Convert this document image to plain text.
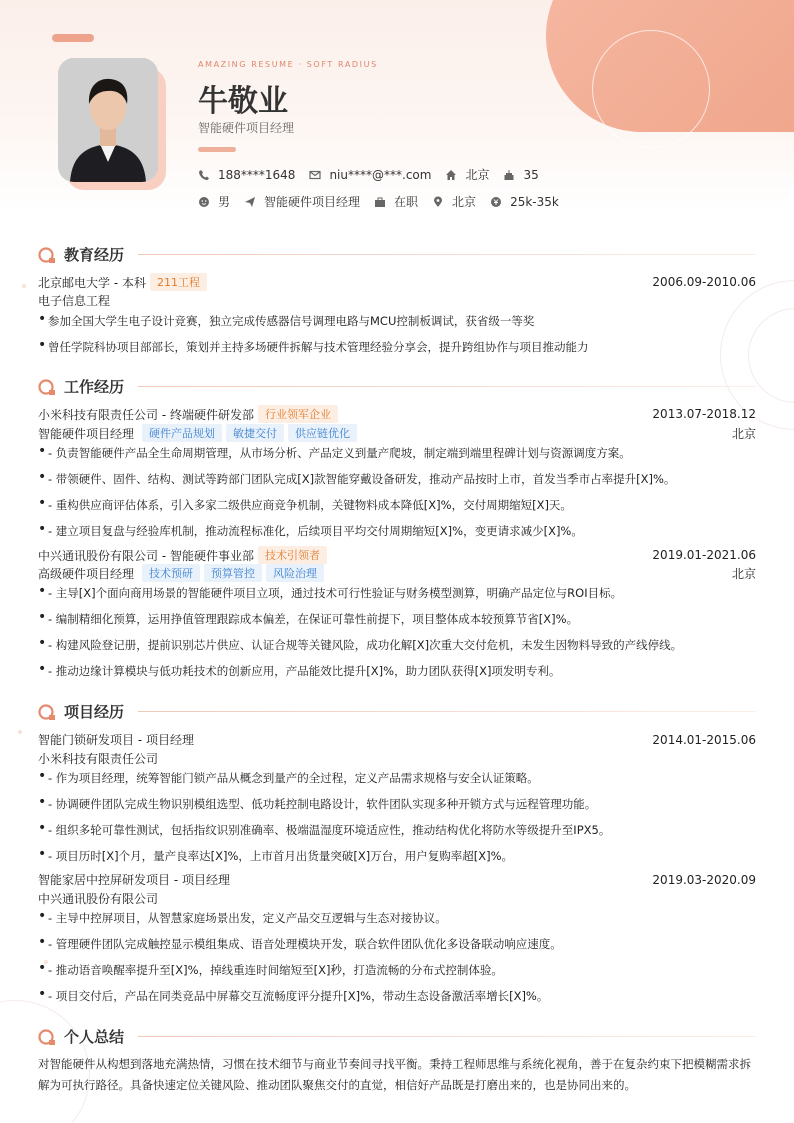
AMAZING RESUME · SOFT RADIUS
牛敬业
智能硬件项目经理
188****1648	niu****@***.com	北京	35
男	智能硬件项目经理	在职	北京	25k-35k
教育经历
北京邮电大学 - 本科	211工程	2006.09-2010.06
电子信息工程
• 参加全国大学生电子设计竞赛，独立完成传感器信号调理电路与MCU控制板调试，获省级一等奖
• 曾任学院科协项目部部长，策划并主持多场硬件拆解与技术管理经验分享会，提升跨组协作与项目推动能力
工作经历
小米科技有限责任公司 - 终端硬件研发部	行业领军企业	2013.07-2018.12
智能硬件项目经理	硬件产品规划	敏捷交付	供应链优化	北京
• - 负责智能硬件产品全生命周期管理，从市场分析、产品定义到量产爬坡，制定端到端里程碑计划与资源调度方案。
• - 带领硬件、固件、结构、测试等跨部门团队完成[X]款智能穿戴设备研发，推动产品按时上市，首发当季市占率提升[X]%。
• - 重构供应商评估体系，引入多家二级供应商竞争机制，关键物料成本降低[X]%，交付周期缩短[X]天。
• - 建立项目复盘与经验库机制，推动流程标准化，后续项目平均交付周期缩短[X]%，变更请求减少[X]%。
中兴通讯股份有限公司 - 智能硬件事业部	技术引领者	2019.01-2021.06
高级硬件项目经理	技术预研	预算管控	风险治理	北京
• - 主导[X]个面向商用场景的智能硬件项目立项，通过技术可行性验证与财务模型测算，明确产品定位与ROI目标。
• - 编制精细化预算，运用挣值管理跟踪成本偏差，在保证可靠性前提下，项目整体成本较预算节省[X]%。
• - 构建风险登记册，提前识别芯片供应、认证合规等关键风险，成功化解[X]次重大交付危机，未发生因物料导致的产线停线。
• - 推动边缘计算模块与低功耗技术的创新应用，产品能效比提升[X]%，助力团队获得[X]项发明专利。
项目经历
智能门锁研发项目 - 项目经理	2014.01-2015.06
小米科技有限责任公司
• - 作为项目经理，统筹智能门锁产品从概念到量产的全过程，定义产品需求规格与安全认证策略。
• - 协调硬件团队完成生物识别模组选型、低功耗控制电路设计，软件团队实现多种开锁方式与远程管理功能。
• - 组织多轮可靠性测试，包括指纹识别准确率、极端温湿度环境适应性，推动结构优化将防水等级提升至IPX5。
• - 项目历时[X]个月，量产良率达[X]%，上市首月出货量突破[X]万台，用户复购率超[X]%。
智能家居中控屏研发项目 - 项目经理	2019.03-2020.09
中兴通讯股份有限公司
• - 主导中控屏项目，从智慧家庭场景出发，定义产品交互逻辑与生态对接协议。
• - 管理硬件团队完成触控显示模组集成、语音处理模块开发，联合软件团队优化多设备联动响应速度。
• - 推动语音唤醒率提升至[X]%，掉线重连时间缩短至[X]秒，打造流畅的分布式控制体验。
• - 项目交付后，产品在同类竞品中屏幕交互流畅度评分提升[X]%，带动生态设备激活率增长[X]%。
个人总结
对智能硬件从构想到落地充满热情，习惯在技术细节与商业节奏间寻找平衡。秉持工程师思维与系统化视角，善于在复杂约束下把模糊需求拆解为可执行路径。具备快速定位关键风险、推动团队聚焦交付的直觉，相信好产品既是打磨出来的，也是协同出来的。
